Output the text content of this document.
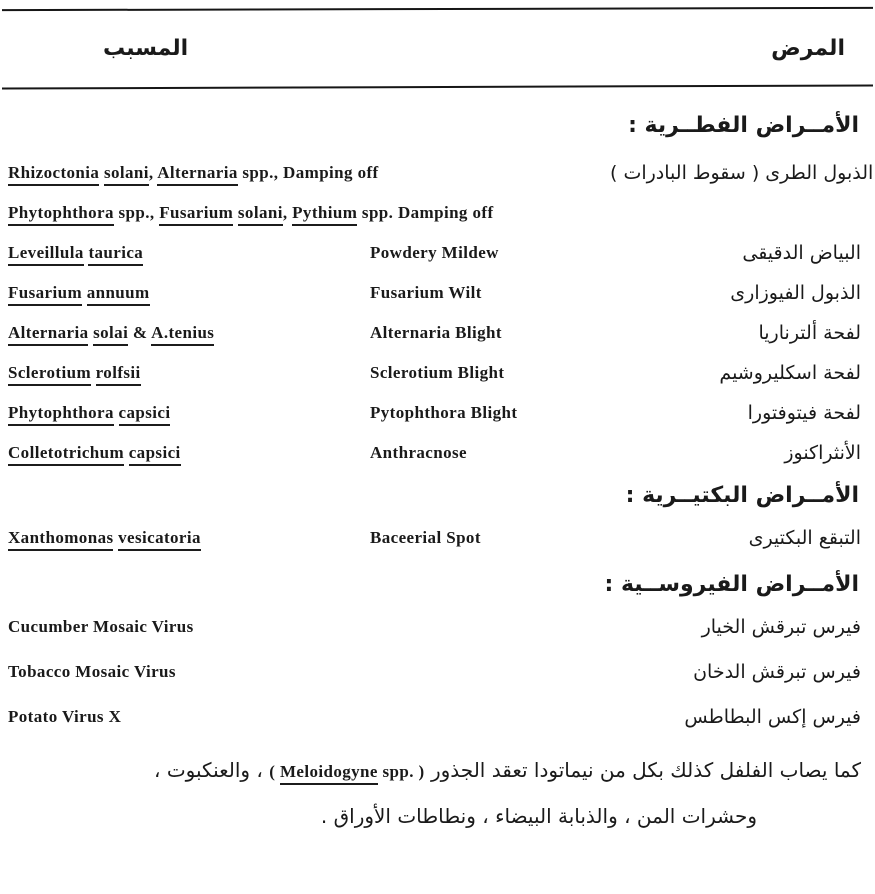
المسبب	المرض
الأمــراض الفطــرية :
Rhizoctonia solani, Alternaria spp., Damping off	الذبول الطرى ( سقوط البادرات )
Phytophthora spp., Fusarium solani, Pythium spp. Damping off
Leveillula taurica	Powdery Mildew	البياض الدقيقى
Fusarium annuum	Fusarium Wilt	الذبول الفيوزارى
Alternaria solai & A.tenius	Alternaria Blight	لفحة ألترناريا
Sclerotium rolfsii	Sclerotium Blight	لفحة اسكليروشيم
Phytophthora capsici	Pytophthora Blight	لفحة فيتوفتورا
Colletotrichum capsici	Anthracnose	الأنثراكنوز
الأمــراض البكتيــرية :
Xanthomonas vesicatoria	Baceerial Spot	التبقع البكتيرى
الأمــراض الفيروســية :
Cucumber Mosaic Virus	فيرس تبرقش الخيار
Tobacco Mosaic Virus	فيرس تبرقش الدخان
Potato Virus X	فيرس إكس البطاطس
كما يصاب الفلفل كذلك بكل من نيماتودا تعقد الجذور ( Meloidogyne spp. ) ، والعنكبوت ،
وحشرات المن ، والذبابة البيضاء ، ونطاطات الأوراق .
